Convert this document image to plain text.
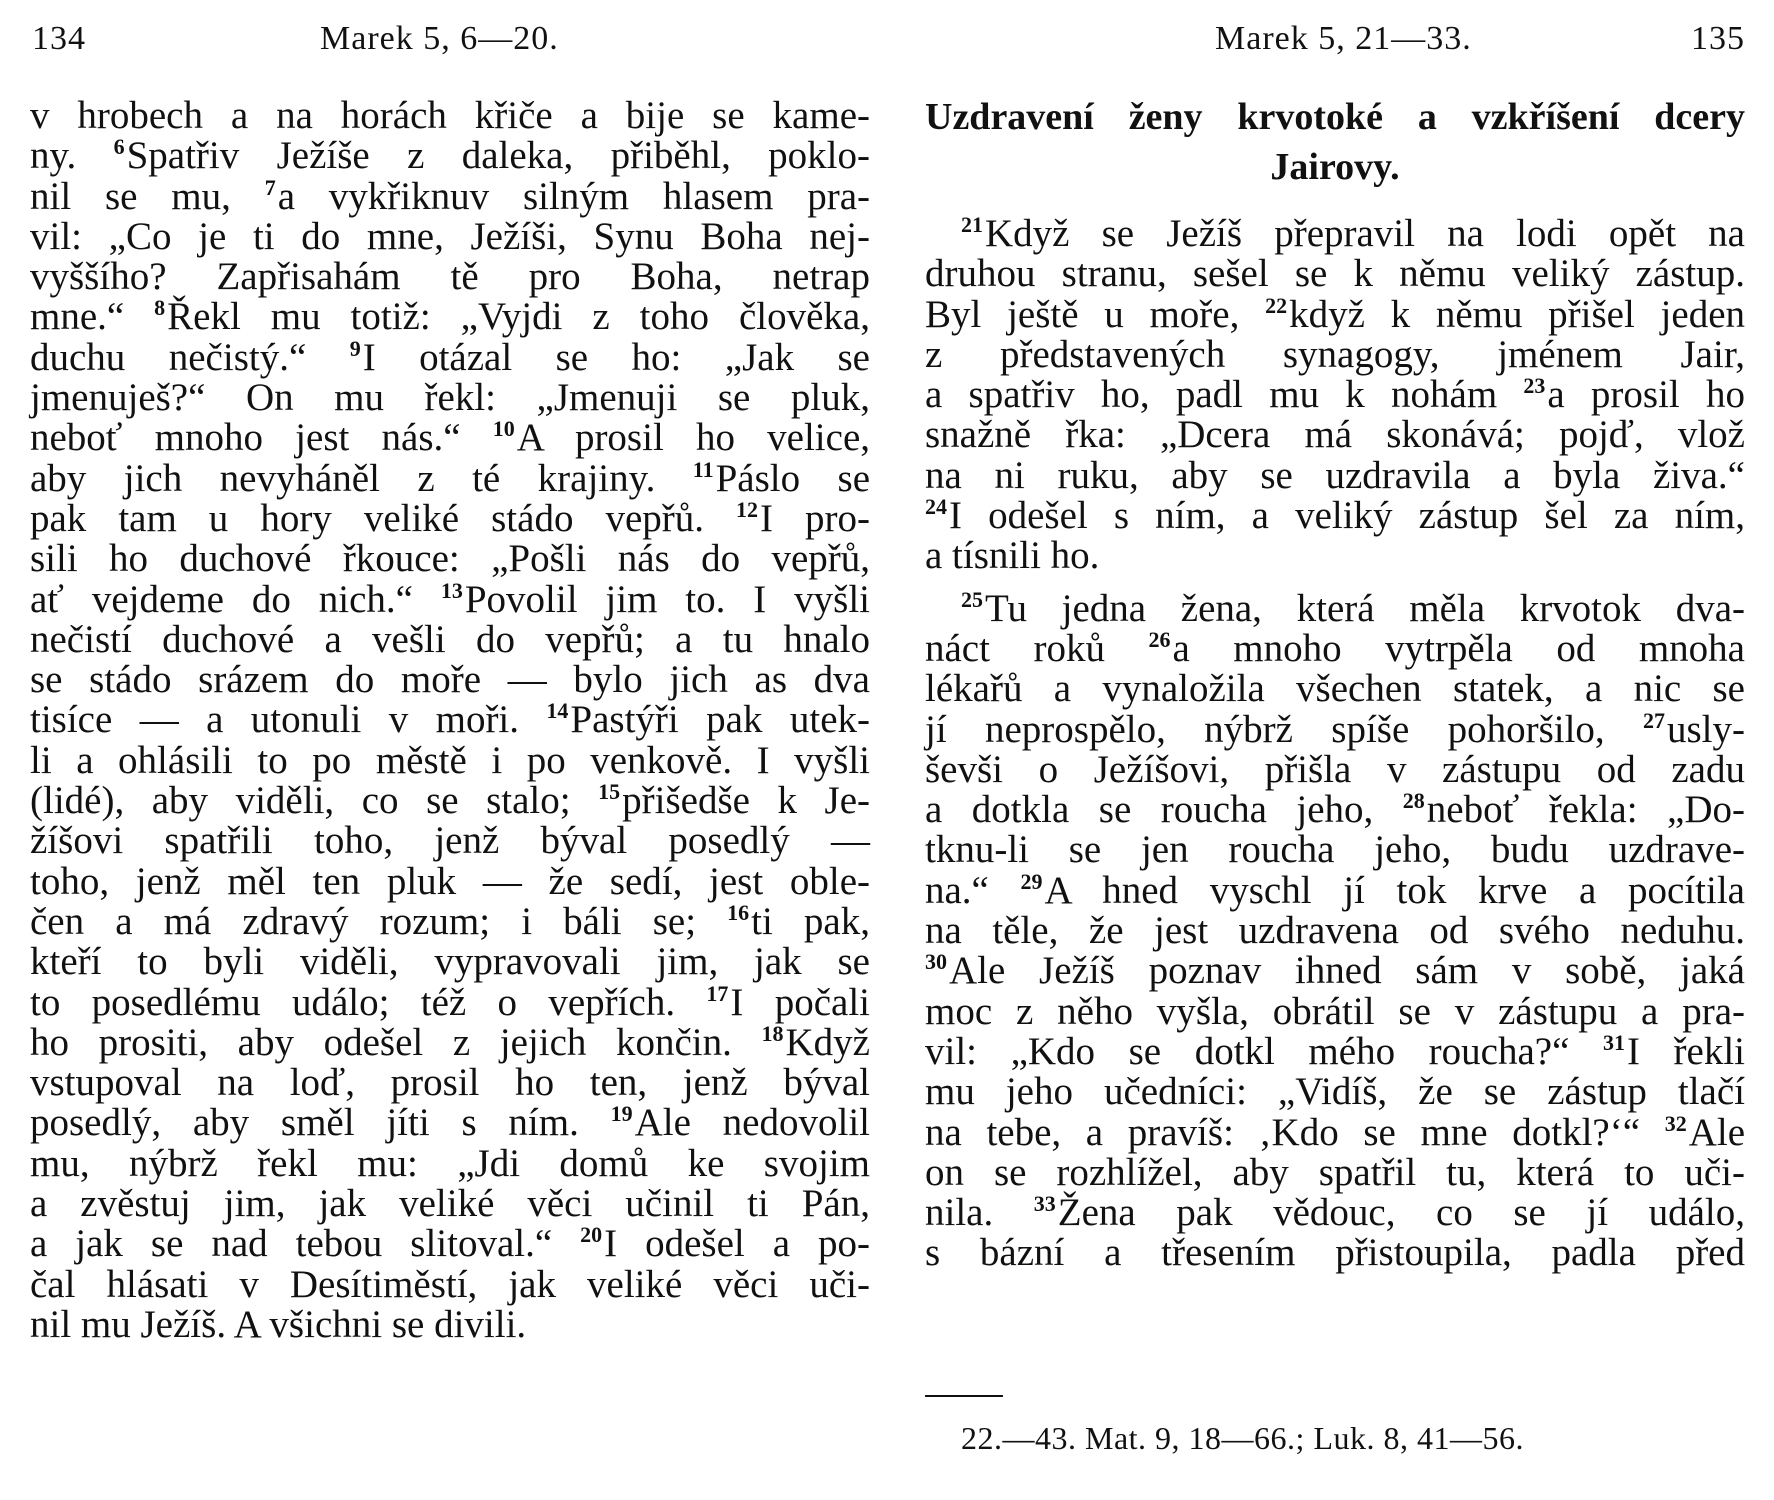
134	Marek 5, 6—20.
v hrobech a na horách křiče a bije se kame-
ny. $^6$Spatřiv Ježíše z daleka, přiběhl, poklo-
nil se mu, $^7$a vykřiknuv silným hlasem pra-
vil: „Co je ti do mne, Ježíši, Synu Boha nej-
vyššího? Zapřisahám tě pro Boha, netrap
mne.“ $^8$Řekl mu totiž: „Vyjdi z toho člověka,
duchu nečistý.“ $^9$I otázal se ho: „Jak se
jmenuješ?“ On mu řekl: „Jmenuji se pluk,
neboť mnoho jest nás.“ $^{10}$A prosil ho velice,
aby jich nevyháněl z té krajiny. $^{11}$Páslo se
pak tam u hory veliké stádo vepřů. $^{12}$I pro-
sili ho duchové řkouce: „Pošli nás do vepřů,
ať vejdeme do nich.“ $^{13}$Povolil jim to. I vyšli
nečistí duchové a vešli do vepřů; a tu hnalo
se stádo srázem do moře — bylo jich as dva
tisíce — a utonuli v moři. $^{14}$Pastýři pak utek-
li a ohlásili to po městě i po venkově. I vyšli
(lidé), aby viděli, co se stalo; $^{15}$přišedše k Je-
žíšovi spatřili toho, jenž býval posedlý —
toho, jenž měl ten pluk — že sedí, jest oble-
čen a má zdravý rozum; i báli se; $^{16}$ti pak,
kteří to byli viděli, vypravovali jim, jak se
to posedlému událo; též o vepřích. $^{17}$I počali
ho prositi, aby odešel z jejich končin. $^{18}$Když
vstupoval na loď, prosil ho ten, jenž býval
posedlý, aby směl jíti s ním. $^{19}$Ale nedovolil
mu, nýbrž řekl mu: „Jdi domů ke svojim
a zvěstuj jim, jak veliké věci učinil ti Pán,
a jak se nad tebou slitoval.“ $^{20}$I odešel a po-
čal hlásati v Desítiměstí, jak veliké věci uči-
nil mu Ježíš. A všichni se divili.
Marek 5, 21—33.	135
Uzdravení ženy krvotoké a vzkříšení dcery
Jairovy.
$^{21}$Když se Ježíš přepravil na lodi opět na
druhou stranu, sešel se k němu veliký zástup.
Byl ještě u moře, $^{22}$když k němu přišel jeden
z představených synagogy, jménem Jair,
a spatřiv ho, padl mu k nohám $^{23}$a prosil ho
snažně řka: „Dcera má skonává; pojď, vlož
na ni ruku, aby se uzdravila a byla živa.“
$^{24}$I odešel s ním, a veliký zástup šel za ním,
a tísnili ho.
$^{25}$Tu jedna žena, která měla krvotok dva-
náct roků $^{26}$a mnoho vytrpěla od mnoha
lékařů a vynaložila všechen statek, a nic se
jí neprospělo, nýbrž spíše pohoršilo, $^{27}$usly-
ševši o Ježíšovi, přišla v zástupu od zadu
a dotkla se roucha jeho, $^{28}$neboť řekla: „Do-
tknu-li se jen roucha jeho, budu uzdrave-
na.“ $^{29}$A hned vyschl jí tok krve a pocítila
na těle, že jest uzdravena od svého neduhu.
$^{30}$Ale Ježíš poznav ihned sám v sobě, jaká
moc z něho vyšla, obrátil se v zástupu a pra-
vil: „Kdo se dotkl mého roucha?“ $^{31}$I řekli
mu jeho učedníci: „Vidíš, že se zástup tlačí
na tebe, a pravíš: ‚Kdo se mne dotkl?‘“ $^{32}$Ale
on se rozhlížel, aby spatřil tu, která to uči-
nila. $^{33}$Žena pak vědouc, co se jí událo,
s bázní a třesením přistoupila, padla před
22.—43. Mat. 9, 18—66.; Luk. 8, 41—56.
